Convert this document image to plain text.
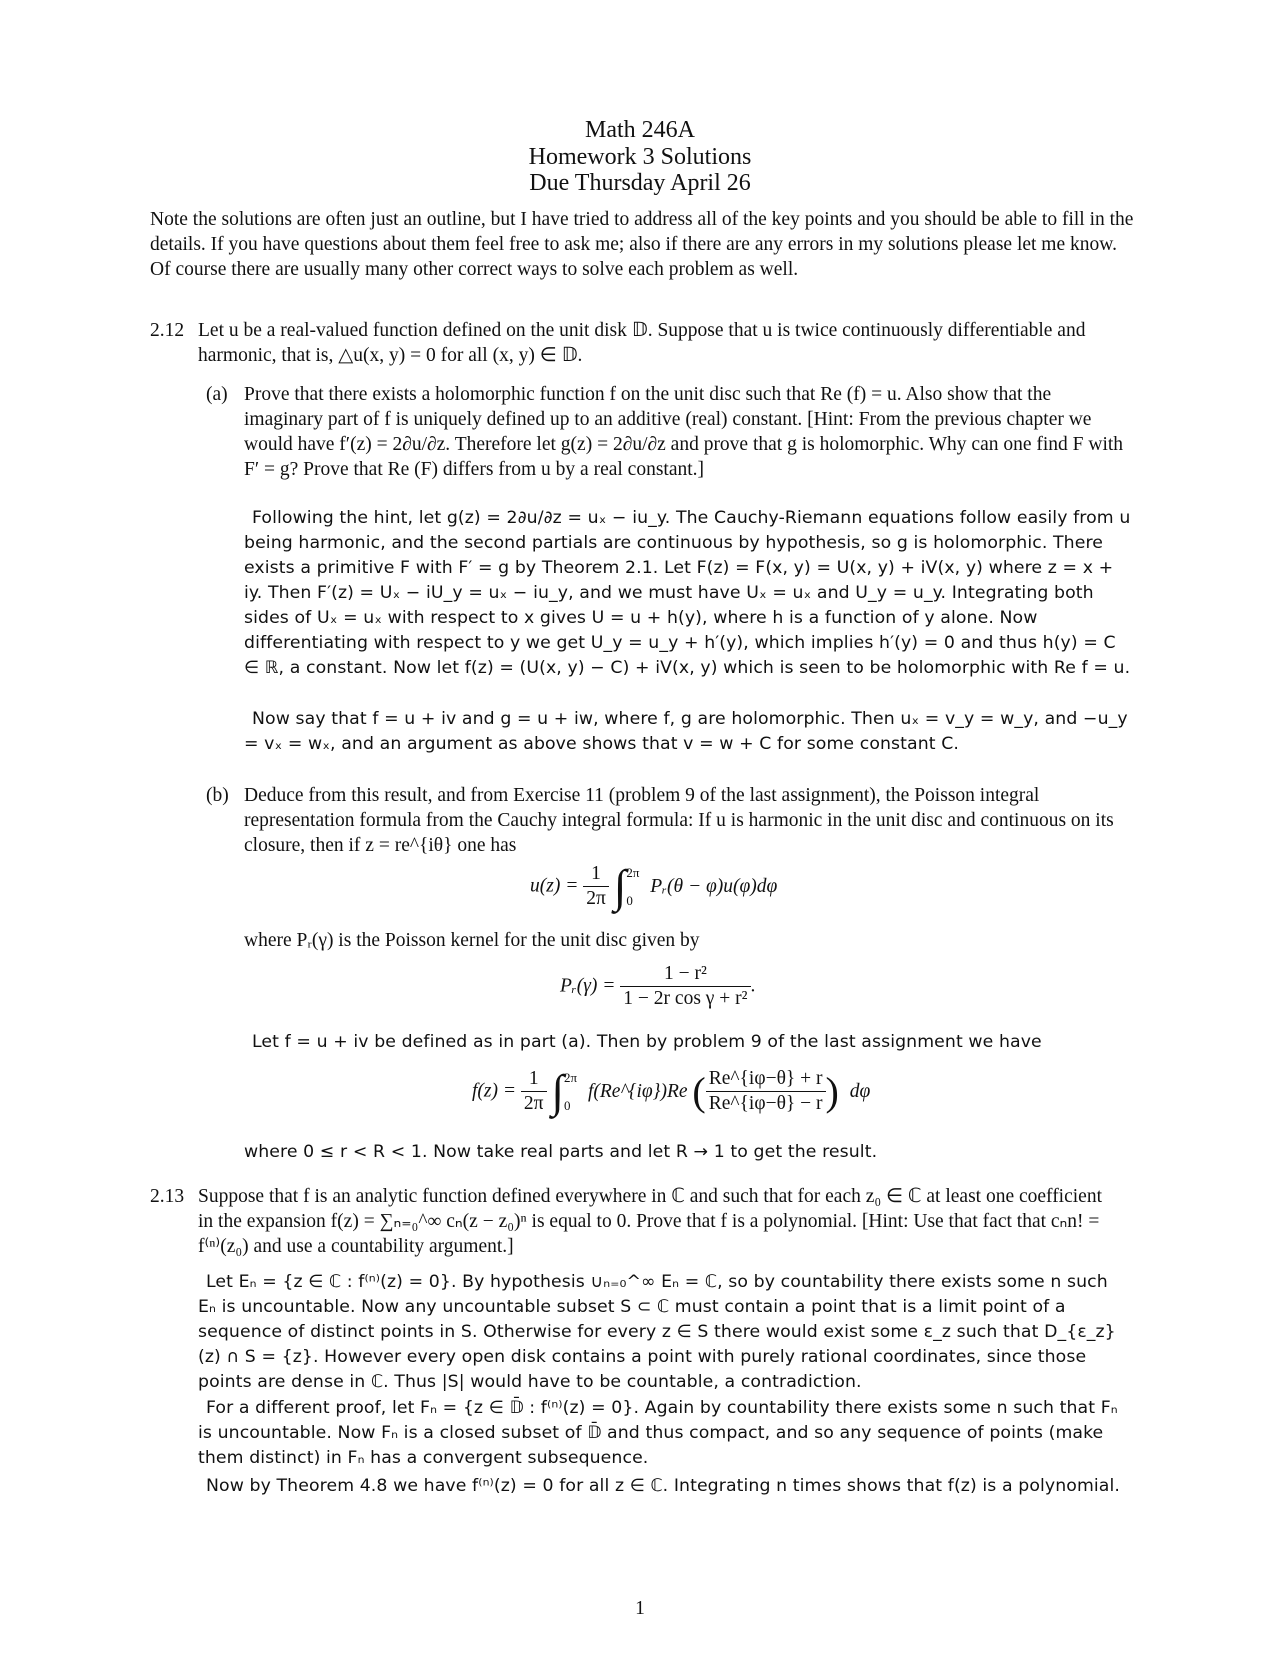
Math 246A
Homework 3 Solutions
Due Thursday April 26
Note the solutions are often just an outline, but I have tried to address all of the key points and you should be able to fill in the details. If you have questions about them feel free to ask me; also if there are any errors in my solutions please let me know. Of course there are usually many other correct ways to solve each problem as well.
2.12 Let u be a real-valued function defined on the unit disk 𝔻. Suppose that u is twice continuously differentiable and harmonic, that is, △u(x, y) = 0 for all (x, y) ∈ 𝔻.
(a) Prove that there exists a holomorphic function f on the unit disc such that Re (f) = u. Also show that the imaginary part of f is uniquely defined up to an additive (real) constant. [Hint: From the previous chapter we would have f′(z) = 2∂u/∂z. Therefore let g(z) = 2∂u/∂z and prove that g is holomorphic. Why can one find F with F′ = g? Prove that Re (F) differs from u by a real constant.]
Following the hint, let g(z) = 2∂u/∂z = uₓ − iu_y. The Cauchy-Riemann equations follow easily from u being harmonic, and the second partials are continuous by hypothesis, so g is holomorphic. There exists a primitive F with F′ = g by Theorem 2.1. Let F(z) = F(x, y) = U(x, y) + iV(x, y) where z = x + iy. Then F′(z) = Uₓ − iU_y = uₓ − iu_y, and we must have Uₓ = uₓ and U_y = u_y. Integrating both sides of Uₓ = uₓ with respect to x gives U = u + h(y), where h is a function of y alone. Now differentiating with respect to y we get U_y = u_y + h′(y), which implies h′(y) = 0 and thus h(y) = C ∈ ℝ, a constant. Now let f(z) = (U(x, y) − C) + iV(x, y) which is seen to be holomorphic with Re f = u.
Now say that f = u + iv and g = u + iw, where f, g are holomorphic. Then uₓ = v_y = w_y, and −u_y = vₓ = wₓ, and an argument as above shows that v = w + C for some constant C.
(b) Deduce from this result, and from Exercise 11 (problem 9 of the last assignment), the Poisson integral representation formula from the Cauchy integral formula: If u is harmonic in the unit disc and continuous on its closure, then if z = re^{iθ} one has
$u(z) = \frac{1}{2\pi} \int 2\pi$

0 Pᵣ(θ − φ)u(φ)dφ
where Pᵣ(γ) is the Poisson kernel for the unit disc given by
Pᵣ(γ) = $\frac{\text{1 − r²}}{\text{1 − 2r cos γ + r²}}$ .
Let f = u + iv be defined as in part (a). Then by problem 9 of the last assignment we have
$f(z) = \frac{1}{2\pi} \int 2\pi$

0 f(Re^{iφ})Re ( $\frac{Re\^{}\{i\varphi-\theta\} + r}{Re\^{}\{i\varphi-\theta\} - r}$ ) dφ
where 0 ≤ r < R < 1. Now take real parts and let R → 1 to get the result.
2.13 Suppose that f is an analytic function defined everywhere in ℂ and such that for each z₀ ∈ ℂ at least one coefficient in the expansion f(z) = ∑ₙ₌₀^∞ cₙ(z − z₀)ⁿ is equal to 0. Prove that f is a polynomial. [Hint: Use that fact that cₙn! = f⁽ⁿ⁾(z₀) and use a countability argument.]
Let Eₙ = {z ∈ ℂ : f⁽ⁿ⁾(z) = 0}. By hypothesis ∪ₙ₌₀^∞ Eₙ = ℂ, so by countability there exists some n such Eₙ is uncountable. Now any uncountable subset S ⊂ ℂ must contain a point that is a limit point of a sequence of distinct points in S. Otherwise for every z ∈ S there would exist some ε_z such that D_{ε_z}(z) ∩ S = {z}. However every open disk contains a point with purely rational coordinates, since those points are dense in ℂ. Thus |S| would have to be countable, a contradiction.
For a different proof, let Fₙ = {z ∈ 𝔻̄ : f⁽ⁿ⁾(z) = 0}. Again by countability there exists some n such that Fₙ is uncountable. Now Fₙ is a closed subset of 𝔻̄ and thus compact, and so any sequence of points (make them distinct) in Fₙ has a convergent subsequence.
Now by Theorem 4.8 we have f⁽ⁿ⁾(z) = 0 for all z ∈ ℂ. Integrating n times shows that f(z) is a polynomial.
1
